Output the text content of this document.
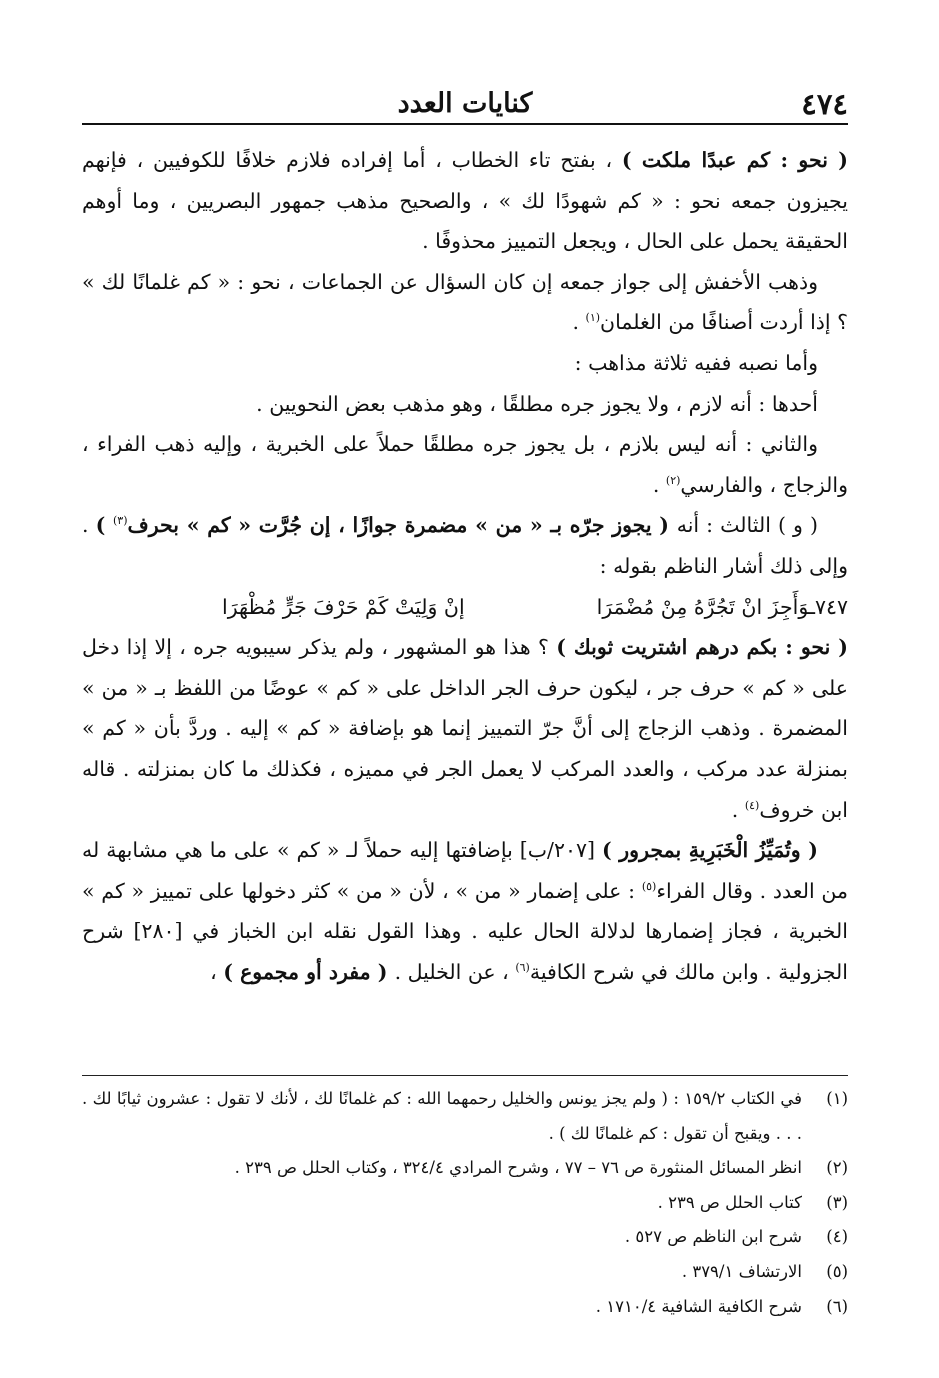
٤٧٤
كنايات العدد

( نحو : كم عبدًا ملكت ) ، بفتح تاء الخطاب ، أما إفراده فلازم خلافًا للكوفيين ، فإنهم يجيزون جمعه نحو : « كم شهودًا لك » ، والصحيح مذهب جمهور البصريين ، وما أوهم الحقيقة يحمل على الحال ، ويجعل التمييز محذوفًا .

وذهب الأخفش إلى جواز جمعه إن كان السؤال عن الجماعات ، نحو : « كم غلمانًا لك » ؟ إذا أردت أصنافًا من الغلمان$^{(١)}$ .

وأما نصبه ففيه ثلاثة مذاهب :

أحدها : أنه لازم ، ولا يجوز جره مطلقًا ، وهو مذهب بعض النحويين .

والثاني : أنه ليس بلازم ، بل يجوز جره مطلقًا حملاً على الخبرية ، وإليه ذهب الفراء ، والزجاج ، والفارسي$^{(٢)}$ .

( و ) الثالث : أنه ( يجوز جرّه بـ « من » مضمرة جوازًا ، إن جُرَّت « كم » بحرف$^{(٣)}$ ) . وإلى ذلك أشار الناظم بقوله :

٧٤٧ـوَأَجِزَ انْ تَجُرَّهُ مِنْ مُضْمَرَا
إنْ وَلِيَتْ كَمْ حَرْفَ جَرٍّ مُظْهَرَا

( نحو : بكم درهم اشتريت ثوبك ) ؟ هذا هو المشهور ، ولم يذكر سيبويه جره ، إلا إذا دخل على « كم » حرف جر ، ليكون حرف الجر الداخل على « كم » عوضًا من اللفظ بـ « من » المضمرة . وذهب الزجاج إلى أنَّ جرّ التمييز إنما هو بإضافة « كم » إليه . وردَّ بأن « كم » بمنزلة عدد مركب ، والعدد المركب لا يعمل الجر في مميزه ، فكذلك ما كان بمنزلته . قاله ابن خروف$^{(٤)}$ .

( وتُمَيِّزُ الْخَبَرِيةِ بمجرور ) [٢٠٧/ب] بإضافتها إليه حملاً لـ « كم » على ما هي مشابهة له من العدد . وقال الفراء$^{(٥)}$ : على إضمار « من » ، لأن « من » كثر دخولها على تمييز « كم » الخبرية ، فجاز إضمارها لدلالة الحال عليه . وهذا القول نقله ابن الخباز في [٢٨٠] شرح الجزولية . وابن مالك في شرح الكافية$^{(٦)}$ ، عن الخليل . ( مفرد أو مجموع ) ،

(١)
في الكتاب ١٥٩/٢ : ( ولم يجز يونس والخليل رحمهما الله : كم غلمانًا لك ، لأنك لا تقول : عشرون ثيابًا لك . . . . ويقبح أن تقول : كم غلمانًا لك ) .
(٢)
انظر المسائل المنثورة ص ٧٦ – ٧٧ ، وشرح المرادي ٣٢٤/٤ ، وكتاب الحلل ص ٢٣٩ .
(٣)
كتاب الحلل ص ٢٣٩ .
(٤)
شرح ابن الناظم ص ٥٢٧ .
(٥)
الارتشاف ٣٧٩/١ .
(٦)
شرح الكافية الشافية ١٧١٠/٤ .
